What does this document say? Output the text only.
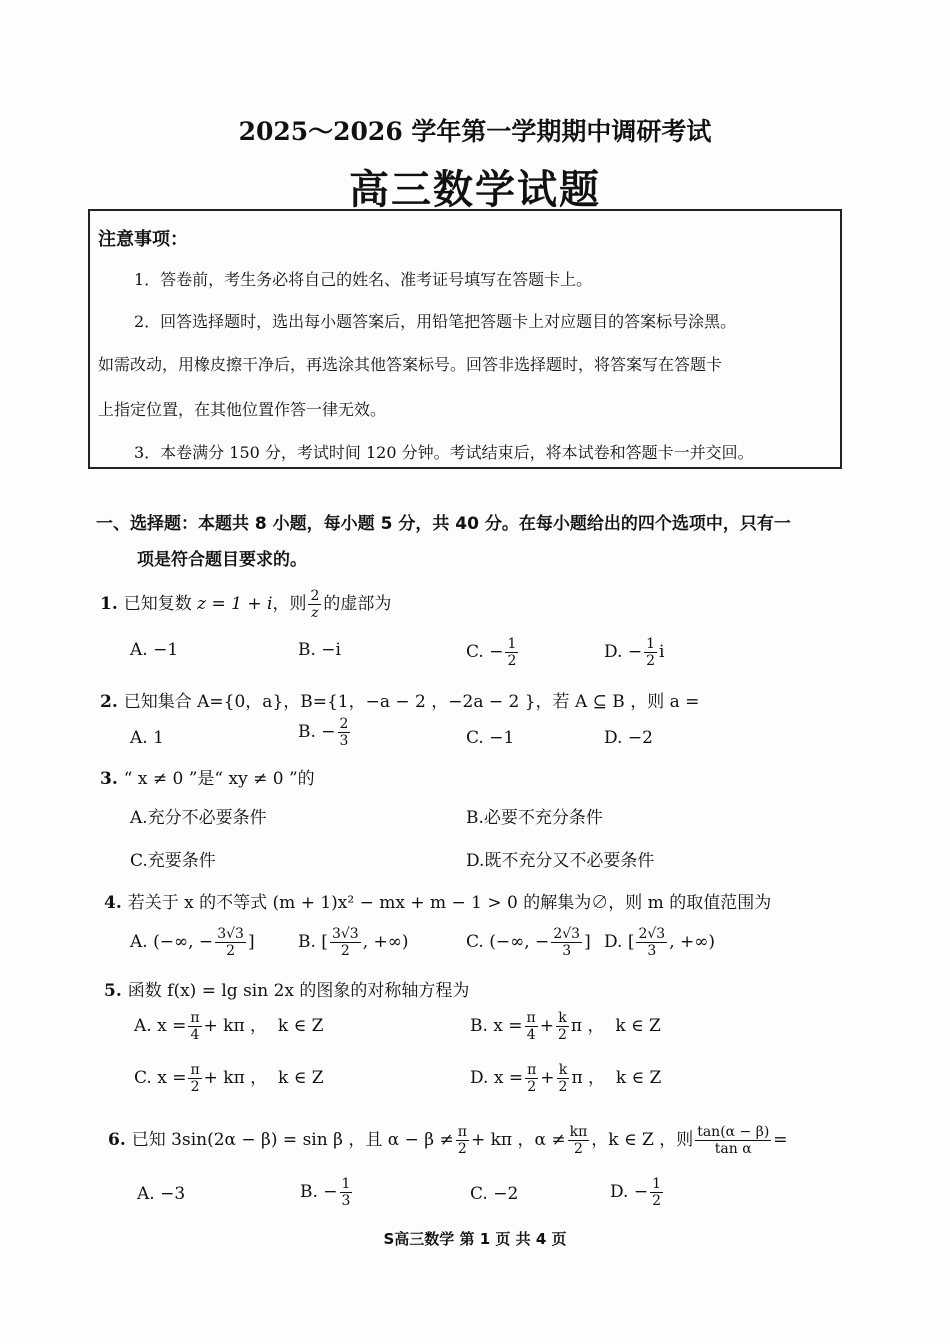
2025～2026 学年第一学期期中调研考试
高三数学试题
注意事项：
1．答卷前，考生务必将自己的姓名、准考证号填写在答题卡上。
2．回答选择题时，选出每小题答案后，用铅笔把答题卡上对应题目的答案标号涂黑。
如需改动，用橡皮擦干净后，再选涂其他答案标号。回答非选择题时，将答案写在答题卡
上指定位置，在其他位置作答一律无效。
3．本卷满分 150 分，考试时间 120 分钟。考试结束后，将本试卷和答题卡一并交回。
一、选择题：本题共 8 小题，每小题 5 分，共 40 分。在每小题给出的四个选项中，只有一
项是符合题目要求的。
1. 已知复数 z = 1 + i，则 $\frac{2}{z}$ 的虚部为
A. −1	B. −i	C. − $\frac{1}{2}$	D. − $\frac{1}{2}$ i
2. 已知集合 A={0，a}，B={1，−a − 2 ，−2a − 2 }，若 A ⊆ B ，则 a =
A. 1	B. − $\frac{2}{3}$	C. −1	D. −2
3. “ x ≠ 0 ”是“ xy ≠ 0 ”的
A.充分不必要条件	B.必要不充分条件
C.充要条件	D.既不充分又不必要条件
4. 若关于 x 的不等式 (m + 1)x² − mx + m − 1 > 0 的解集为∅，则 m 的取值范围为
A. (−∞, − $\frac{3√3}{2}$ ]	B. [ $\frac{3√3}{2}$ , +∞)	C. (−∞, − $\frac{2√3}{3}$ ] D. [ $\frac{2√3}{3}$ , +∞)
5. 函数 f(x) = lg sin 2x 的图象的对称轴方程为
A. $x = \frac{\pi}{4} + k\pi$ ， k ∈ Z	B. $x = \frac{\pi}{4} + \frac{k}{2}$ π ， k ∈ Z
C. $x = \frac{\pi}{2} + k\pi$ ， k ∈ Z	D. $x = \frac{\pi}{2} + \frac{k}{2}$ π ， k ∈ Z
6. 已知 3sin(2α − β) = sin β ，且 $\alpha - \beta \ne \frac{\pi}{2} + k\pi$ ，$\alpha \ne \frac{k\pi}{2}$ ，k ∈ Z ，则 $\frac{\tan(\alpha - \beta)}{\text{tan α}}$ =
A. −3	B. − $\frac{1}{3}$	C. −2	D. − $\frac{1}{2}$
S高三数学 第 1 页 共 4 页
